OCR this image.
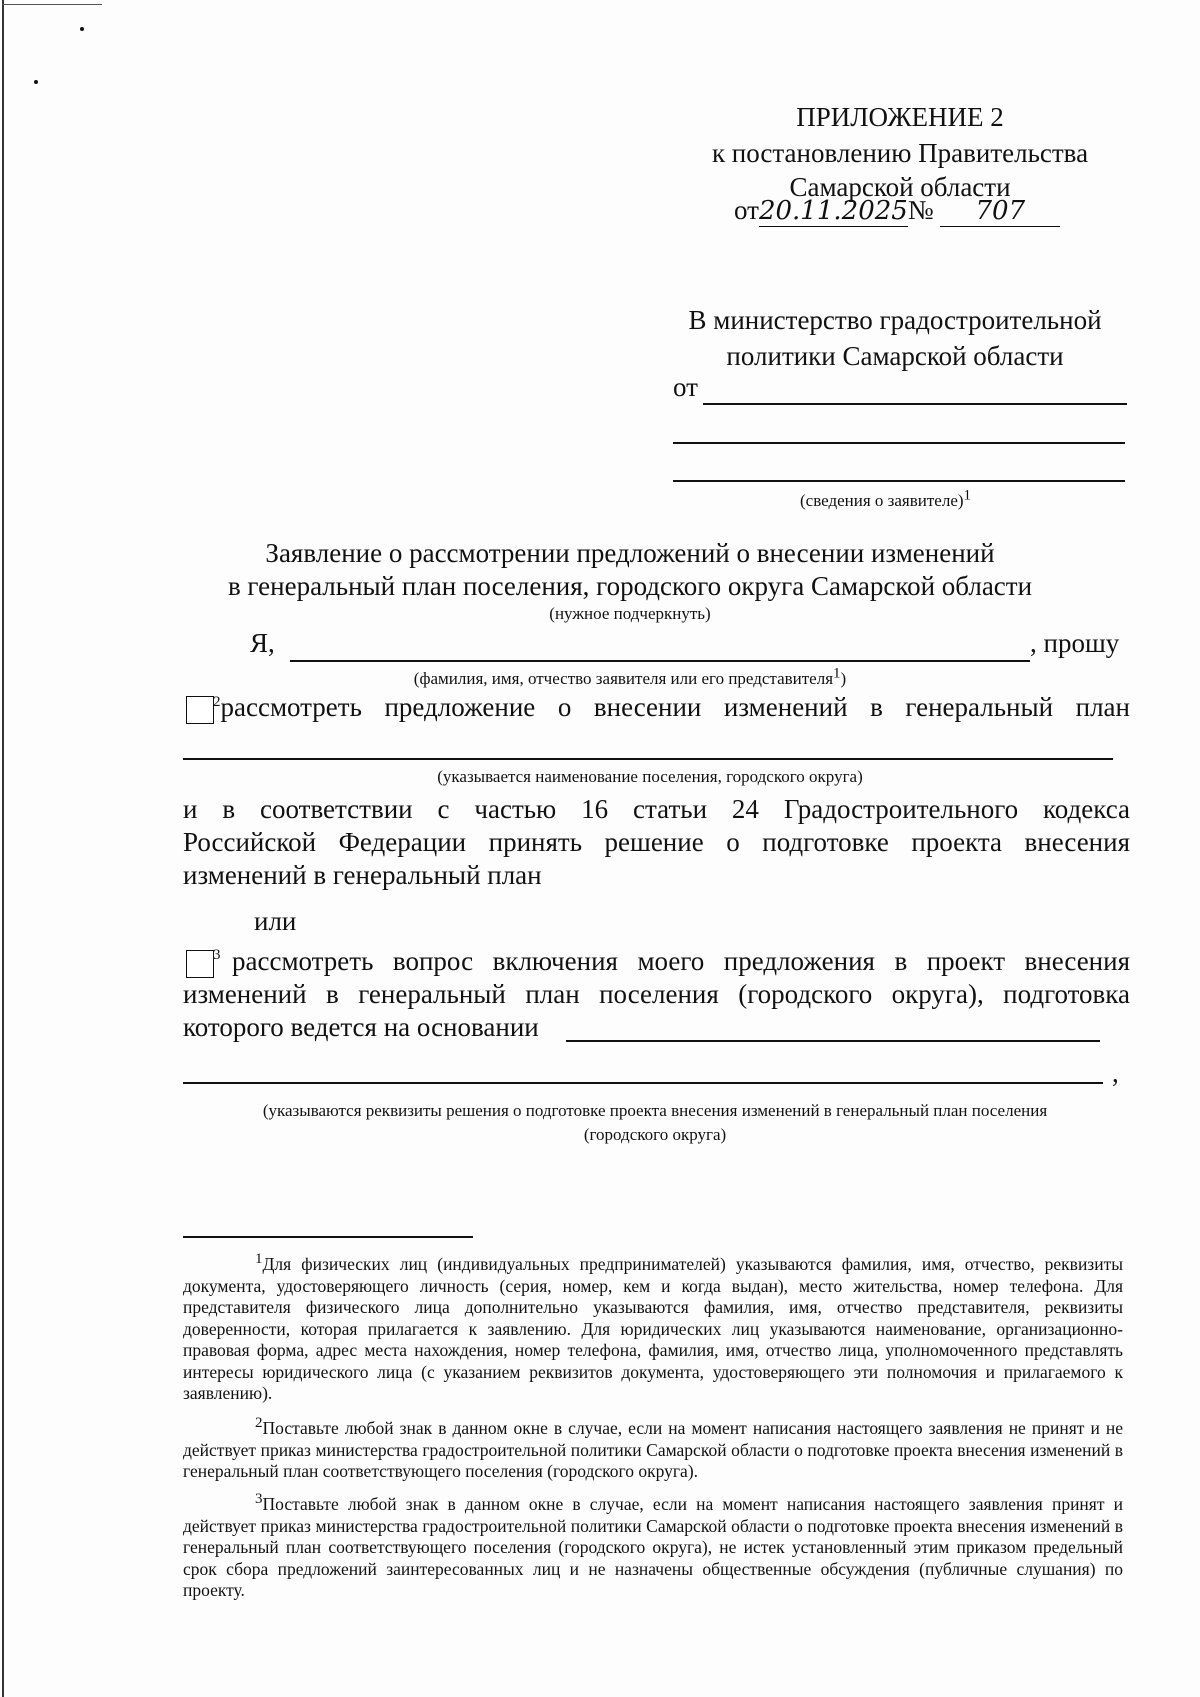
ПРИЛОЖЕНИЕ 2
к постановлению Правительства
Самарской области
от20.11.2025№ 707
В министерство градостроительной
политики Самарской области
от
(сведения о заявителе)1
Заявление о рассмотрении предложений о внесении изменений
в генеральный план поселения, городского округа Самарской области
(нужное подчеркнуть)
Я,	, прошу
(фамилия, имя, отчество заявителя или его представителя1)
$^2$рассмотреть предложение о внесении изменений в генеральный план
(указывается наименование поселения, городского округа)
и в соответствии с частью 16 статьи 24 Градостроительного кодекса
Российской Федерации принять решение о подготовке проекта внесения
изменений в генеральный план
или
$^3$ рассмотреть вопрос включения моего предложения в проект внесения
изменений в генеральный план поселения (городского округа), подготовка
которого ведется на основании
,
(указываются реквизиты решения о подготовке проекта внесения изменений в генеральный план поселения
(городского округа)
1Для физических лиц (индивидуальных предпринимателей) указываются фамилия, имя, отчество, реквизиты документа, удостоверяющего личность (серия, номер, кем и когда выдан), место жительства, номер телефона. Для представителя физического лица дополнительно указываются фамилия, имя, отчество представителя, реквизиты доверенности, которая прилагается к заявлению. Для юридических лиц указываются наименование, организационно-правовая форма, адрес места нахождения, номер телефона, фамилия, имя, отчество лица, уполномоченного представлять интересы юридического лица (с указанием реквизитов документа, удостоверяющего эти полномочия и прилагаемого к заявлению).
2Поставьте любой знак в данном окне в случае, если на момент написания настоящего заявления не принят и не действует приказ министерства градостроительной политики Самарской области о подготовке проекта внесения изменений в генеральный план соответствующего поселения (городского округа).
3Поставьте любой знак в данном окне в случае, если на момент написания настоящего заявления принят и действует приказ министерства градостроительной политики Самарской области о подготовке проекта внесения изменений в генеральный план соответствующего поселения (городского округа), не истек установленный этим приказом предельный срок сбора предложений заинтересованных лиц и не назначены общественные обсуждения (публичные слушания) по проекту.
